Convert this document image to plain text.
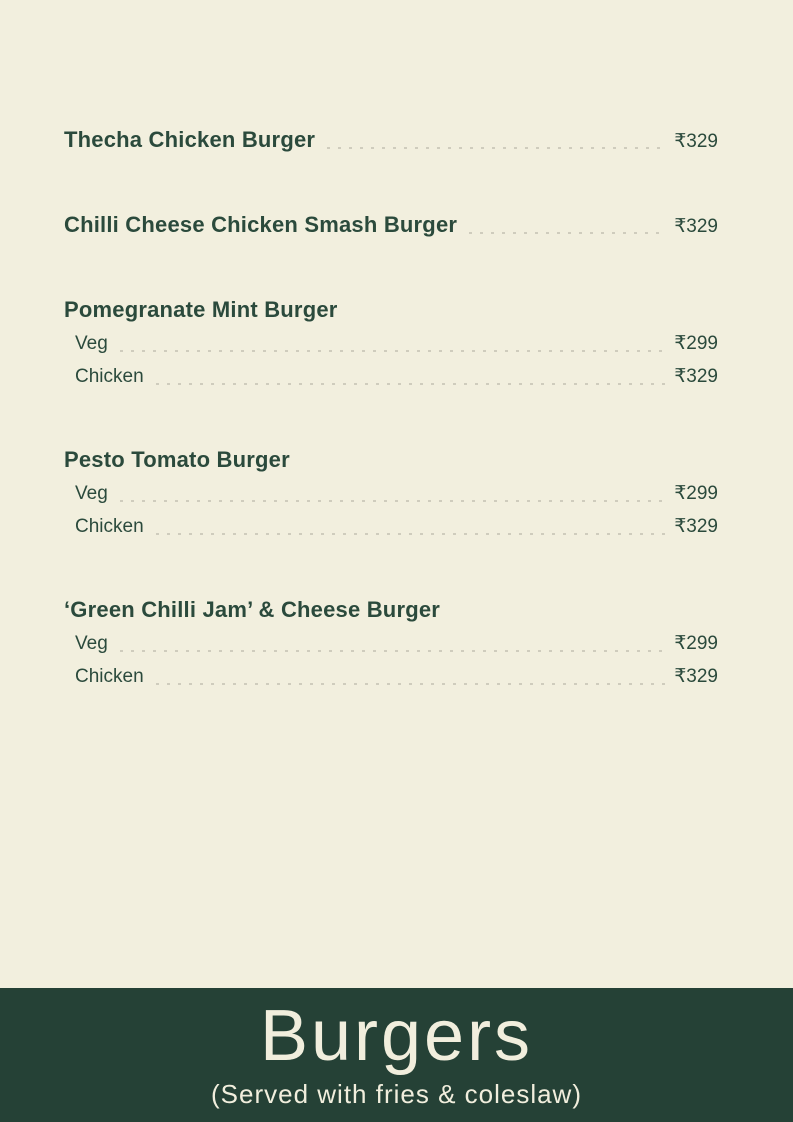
Thecha Chicken Burger	₹329
Chilli Cheese Chicken Smash Burger	₹329
Pomegranate Mint Burger
Veg	₹299
Chicken	₹329
Pesto Tomato Burger
Veg	₹299
Chicken	₹329
‘Green Chilli Jam’ & Cheese Burger
Veg	₹299
Chicken	₹329
Burgers
(Served with fries & coleslaw)
